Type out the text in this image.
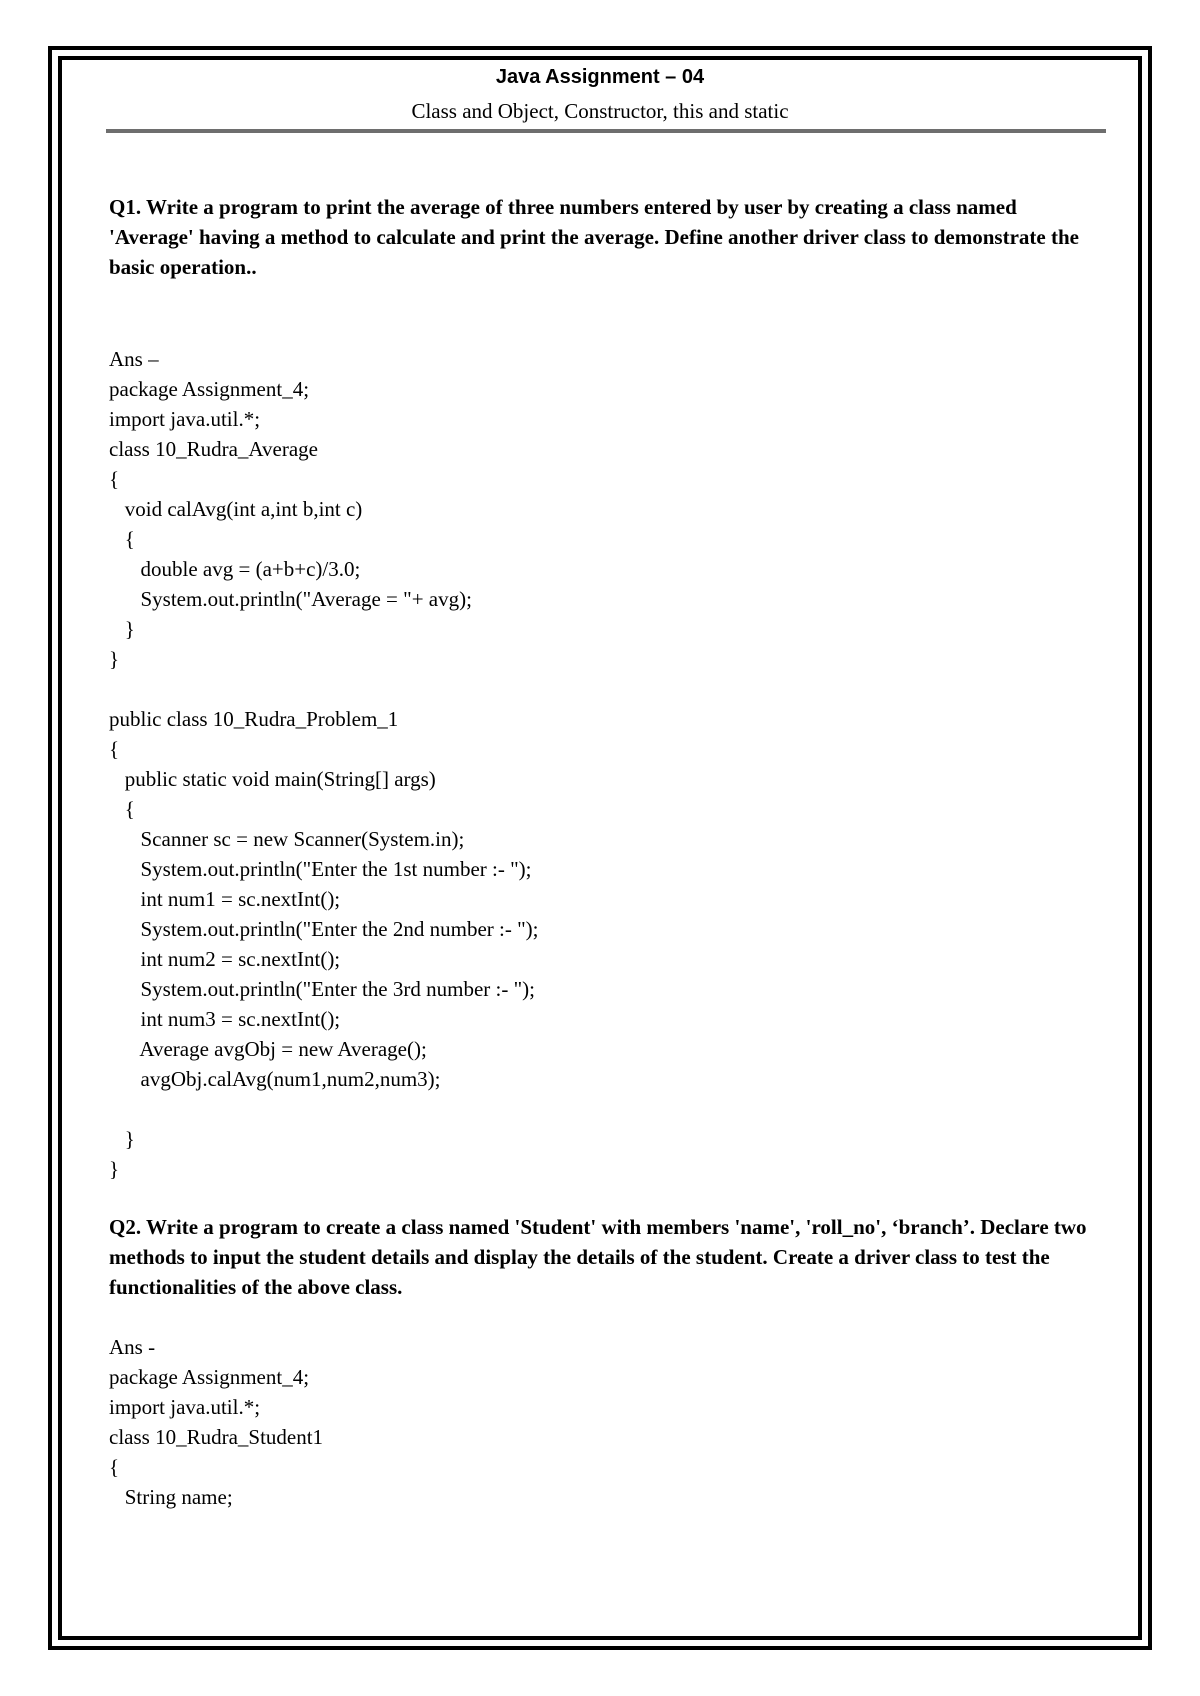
Java Assignment – 04
Class and Object, Constructor, this and static

Q1. Write a program to print the average of three numbers entered by user by creating a class named 'Average' having a method to calculate and print the average. Define another driver class to demonstrate the basic operation..

Ans –
package Assignment_4;
import java.util.*;
class 10_Rudra_Average
{
void calAvg(int a,int b,int c)
{
double avg = (a+b+c)/3.0;
System.out.println("Average = "+ avg);
}
}
public class 10_Rudra_Problem_1
{
public static void main(String[] args)
{
Scanner sc = new Scanner(System.in);
System.out.println("Enter the 1st number :- ");
int num1 = sc.nextInt();
System.out.println("Enter the 2nd number :- ");
int num2 = sc.nextInt();
System.out.println("Enter the 3rd number :- ");
int num3 = sc.nextInt();
Average avgObj = new Average();
avgObj.calAvg(num1,num2,num3);
}
}

Q2. Write a program to create a class named 'Student' with members 'name', 'roll_no', ‘branch’. Declare two methods to input the student details and display the details of the student. Create a driver class to test the functionalities of the above class.

Ans -
package Assignment_4;
import java.util.*;
class 10_Rudra_Student1
{
String name;
